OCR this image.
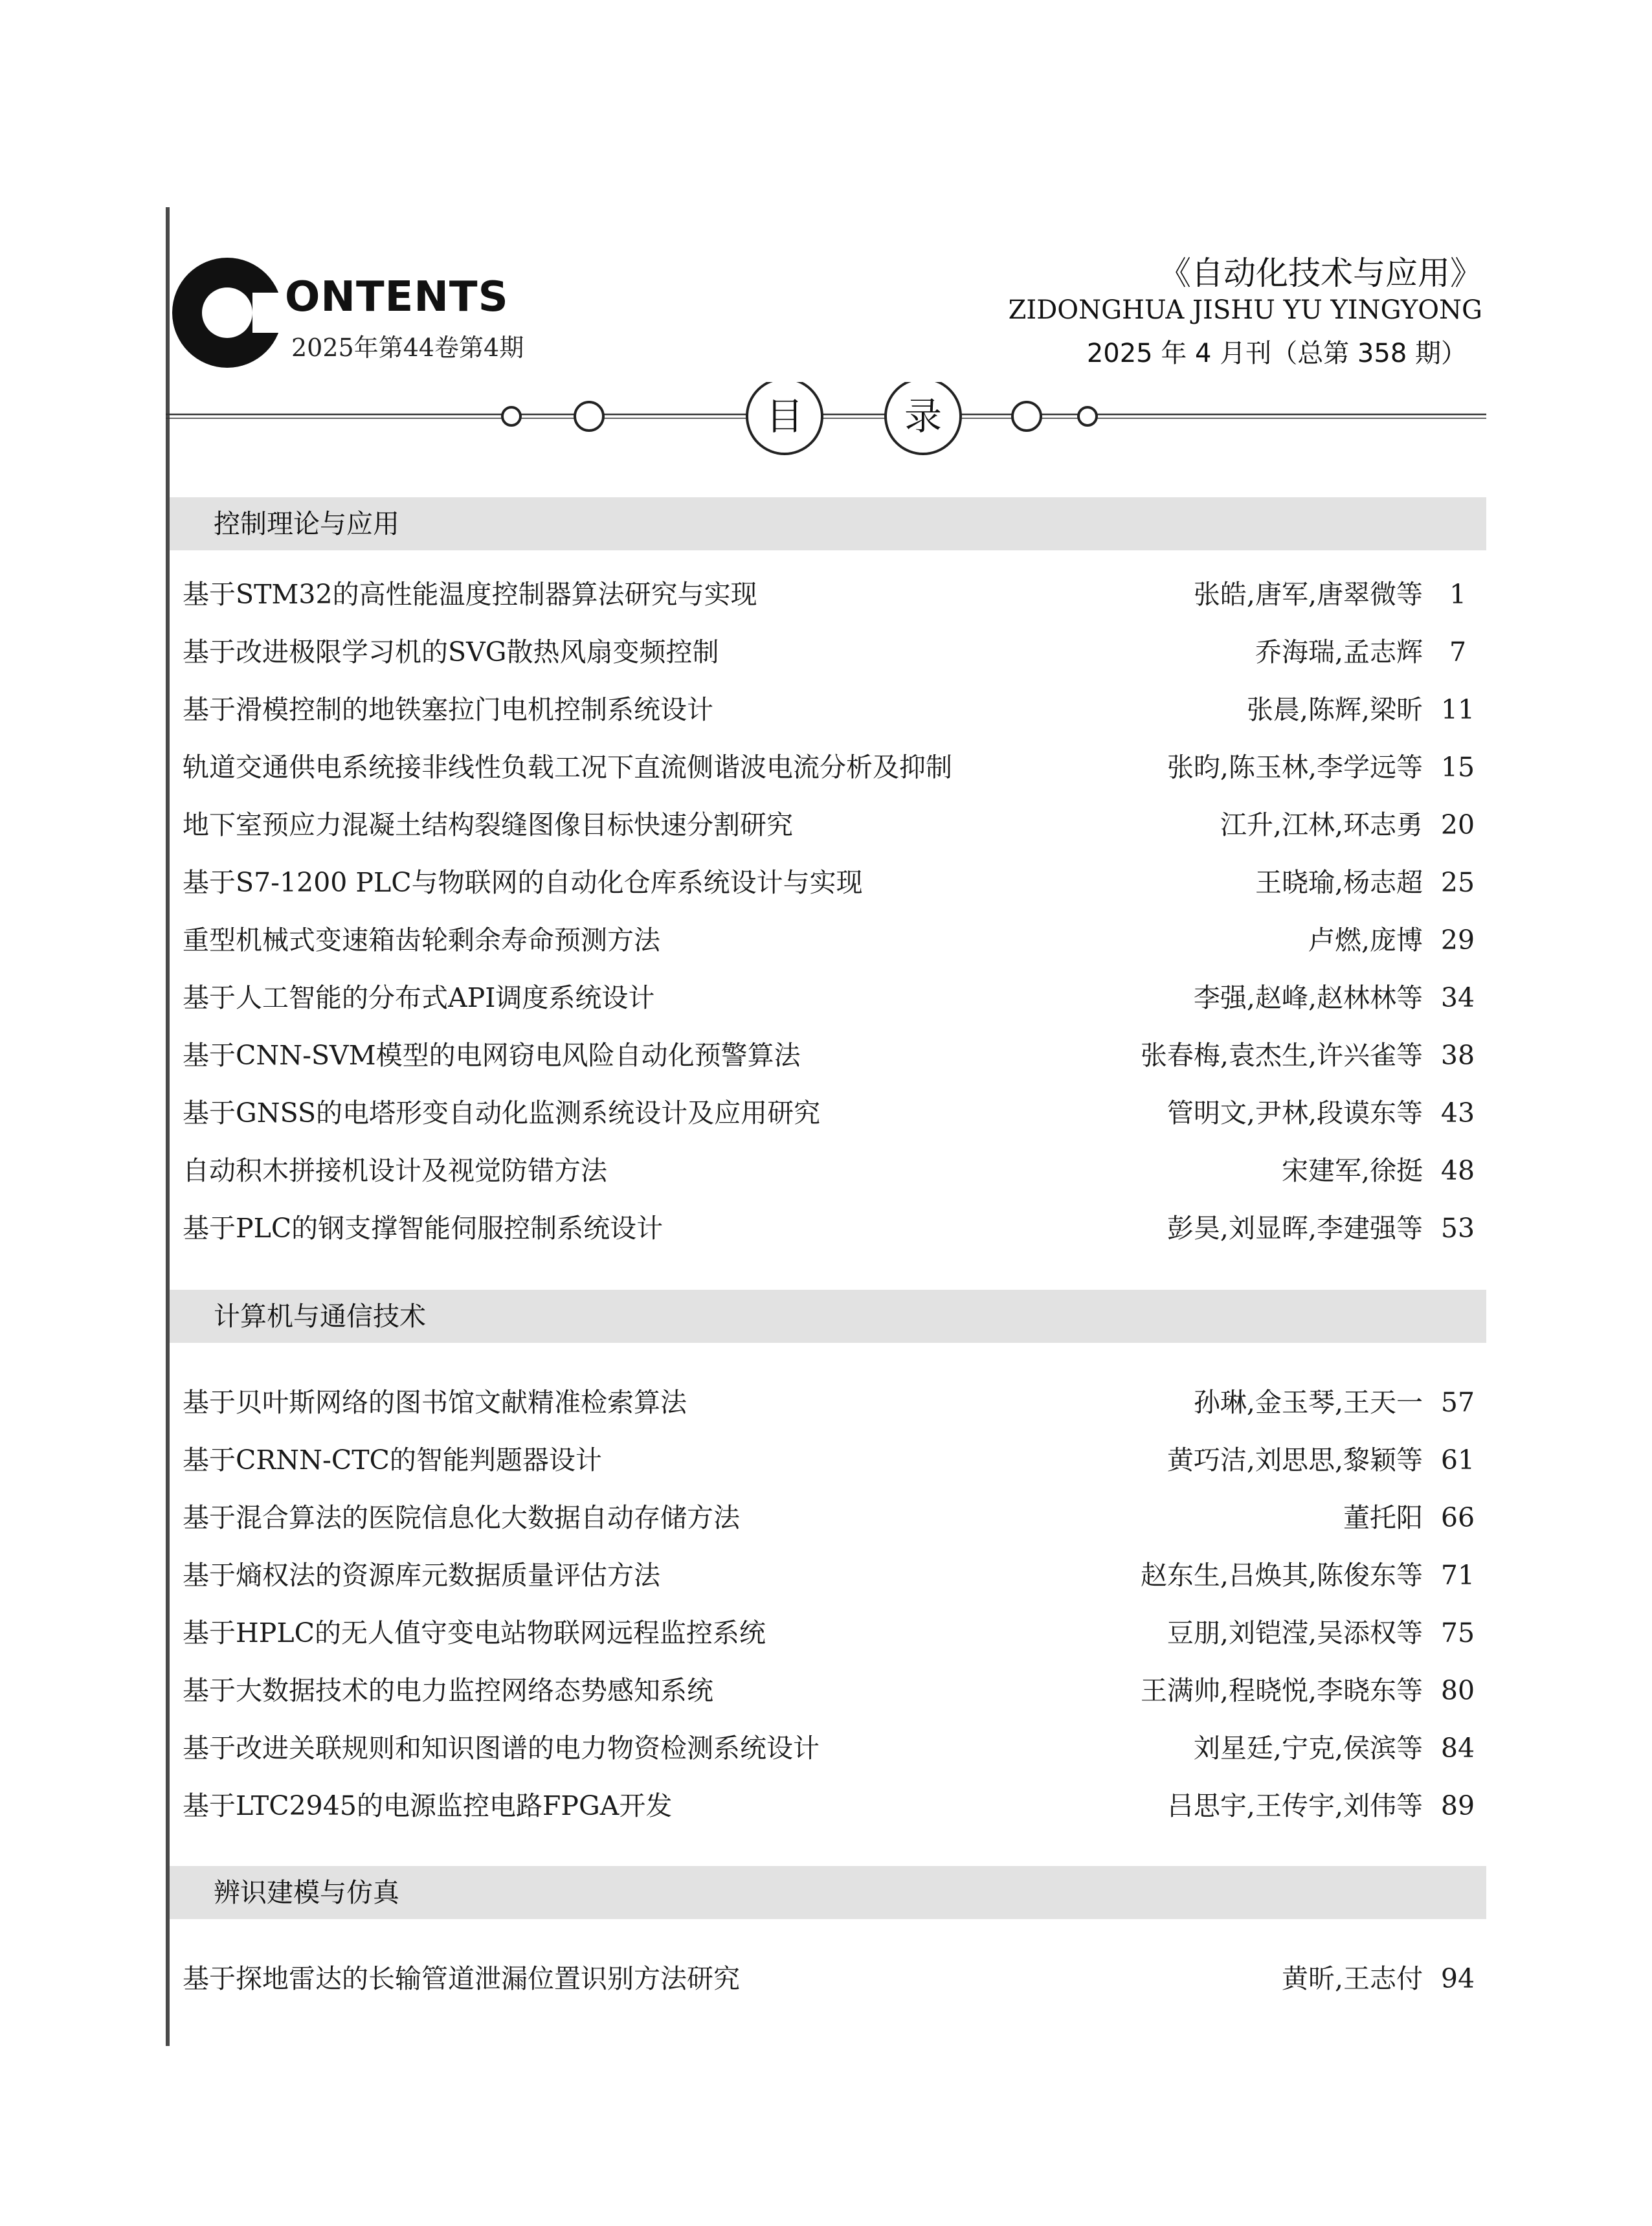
ONTENTS
2025年第44卷第4期
《自动化技术与应用》
ZIDONGHUA JISHU YU YINGYONG
2025 年 4 月刊（总第 358 期）
目	录
控制理论与应用
基于STM32的高性能温度控制器算法研究与实现	张皓,唐军,唐翠微等 1
基于改进极限学习机的SVG散热风扇变频控制	乔海瑞,孟志辉 7
基于滑模控制的地铁塞拉门电机控制系统设计	张晨,陈辉,梁昕 11
轨道交通供电系统接非线性负载工况下直流侧谐波电流分析及抑制	张昀,陈玉林,李学远等 15
地下室预应力混凝土结构裂缝图像目标快速分割研究	江升,江林,环志勇 20
基于S7-1200 PLC与物联网的自动化仓库系统设计与实现	王晓瑜,杨志超 25
重型机械式变速箱齿轮剩余寿命预测方法	卢燃,庞博 29
基于人工智能的分布式API调度系统设计	李强,赵峰,赵林林等 34
基于CNN-SVM模型的电网窃电风险自动化预警算法	张春梅,袁杰生,许兴雀等 38
基于GNSS的电塔形变自动化监测系统设计及应用研究	管明文,尹林,段谟东等 43
自动积木拼接机设计及视觉防错方法	宋建军,徐挺 48
基于PLC的钢支撑智能伺服控制系统设计	彭昊,刘显晖,李建强等 53
计算机与通信技术
基于贝叶斯网络的图书馆文献精准检索算法	孙琳,金玉琴,王天一 57
基于CRNN-CTC的智能判题器设计	黄巧洁,刘思思,黎颖等 61
基于混合算法的医院信息化大数据自动存储方法	董托阳 66
基于熵权法的资源库元数据质量评估方法	赵东生,吕焕其,陈俊东等 71
基于HPLC的无人值守变电站物联网远程监控系统	豆朋,刘铠滢,吴添权等 75
基于大数据技术的电力监控网络态势感知系统	王满帅,程晓悦,李晓东等 80
基于改进关联规则和知识图谱的电力物资检测系统设计	刘星廷,宁克,侯滨等 84
基于LTC2945的电源监控电路FPGA开发	吕思宇,王传宇,刘伟等 89
辨识建模与仿真
基于探地雷达的长输管道泄漏位置识别方法研究	黄昕,王志付 94
